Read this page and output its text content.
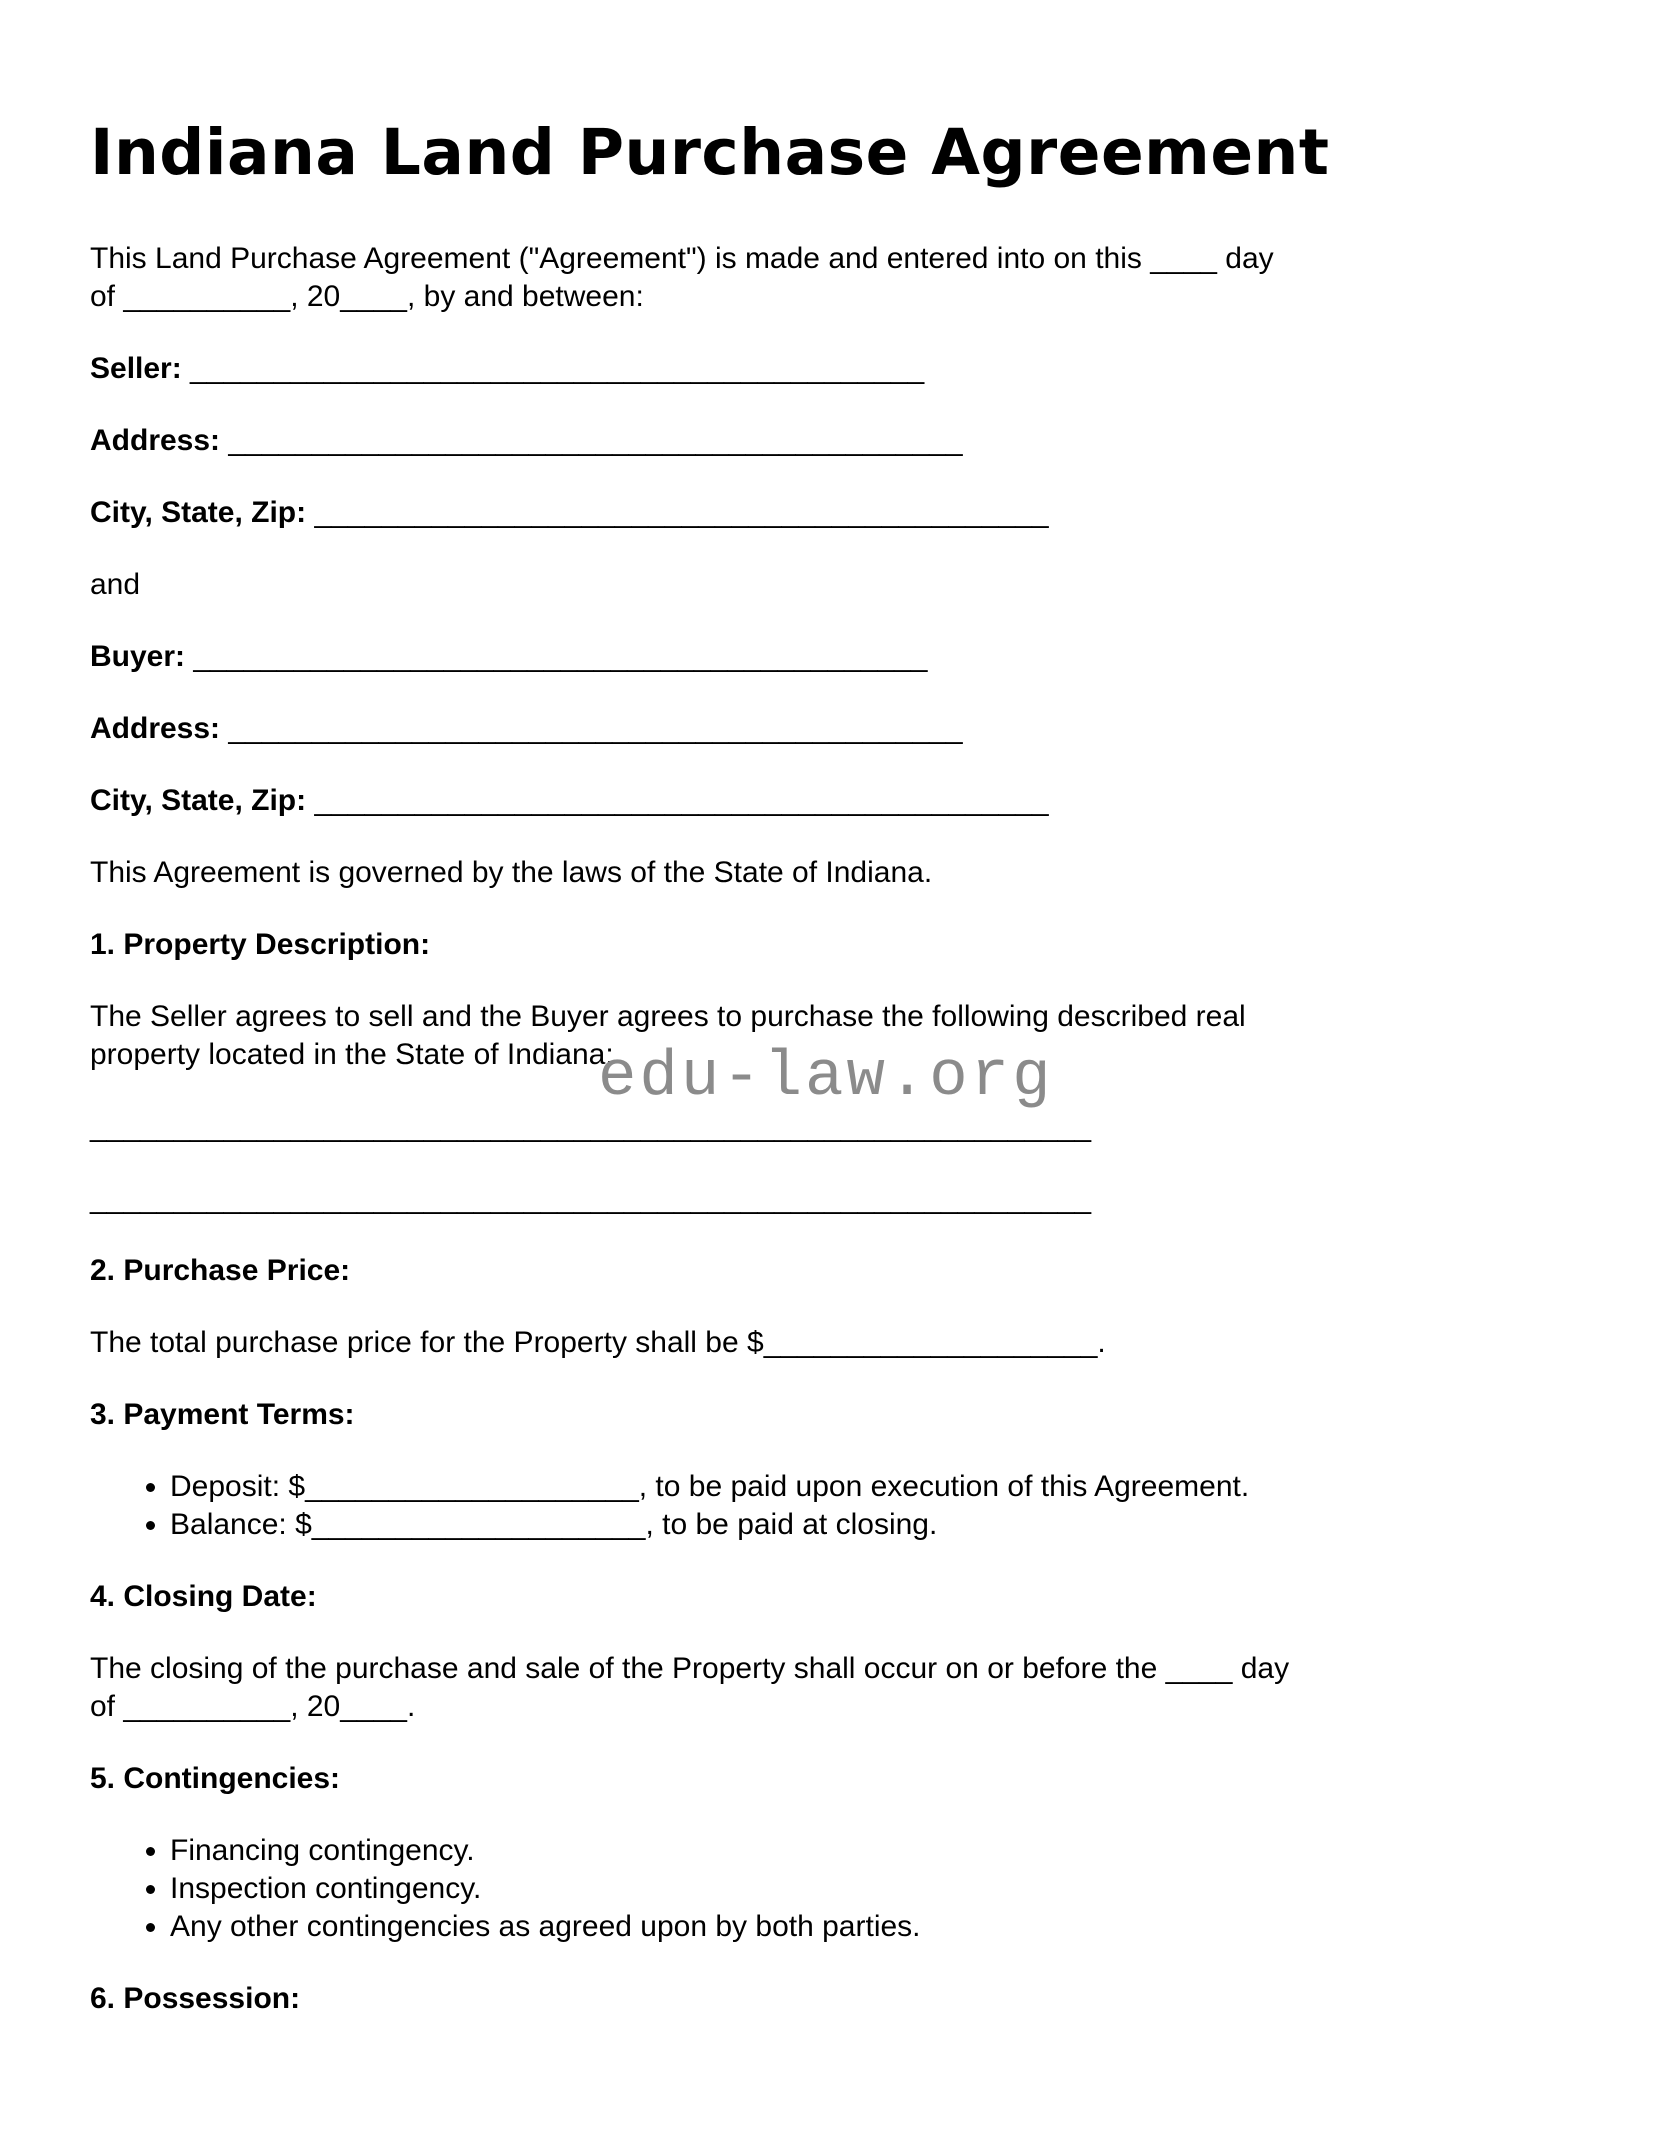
Indiana Land Purchase Agreement
This Land Purchase Agreement ("Agreement") is made and entered into on this ____ day
of __________, 20____, by and between:

Seller: ____________________________________________

Address: ____________________________________________

City, State, Zip: ____________________________________________

and

Buyer: ____________________________________________

Address: ____________________________________________

City, State, Zip: ____________________________________________

This Agreement is governed by the laws of the State of Indiana.

1. Property Description:
The Seller agrees to sell and the Buyer agrees to purchase the following described real
property located in the State of Indiana:

____________________________________________________________

____________________________________________________________

2. Purchase Price:

The total purchase price for the Property shall be $____________________.

3. Payment Terms:
• Deposit: $____________________, to be paid upon execution of this Agreement.
• Balance: $____________________, to be paid at closing.
4. Closing Date:
The closing of the purchase and sale of the Property shall occur on or before the ____ day
of __________, 20____.
5. Contingencies:
• Financing contingency.
• Inspection contingency.
• Any other contingencies as agreed upon by both parties.
6. Possession:
edu-law.org
